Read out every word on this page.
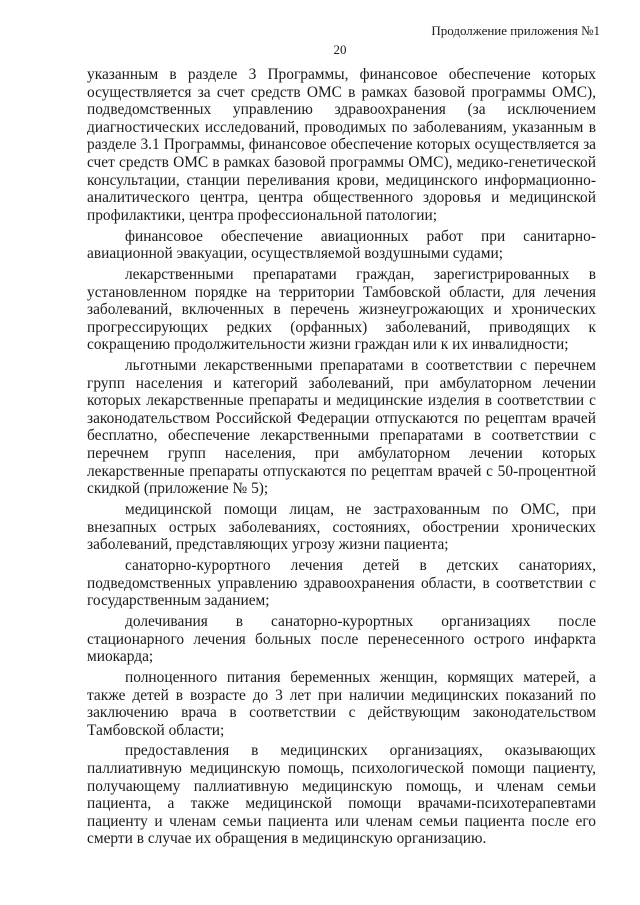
Продолжение приложения №1
20

указанным в разделе 3 Программы, финансовое обеспечение которых осуществляется за счет средств ОМС в рамках базовой программы ОМС), подведомственных управлению здравоохранения (за исключением диагностических исследований, проводимых по заболеваниям, указанным в разделе 3.1 Программы, финансовое обеспечение которых осуществляется за счет средств ОМС в рамках базовой программы ОМС), медико-генетической консультации, станции переливания крови, медицинского информационно-аналитического центра, центра общественного здоровья и медицинской профилактики, центра профессиональной патологии;

финансовое обеспечение авиационных работ при санитарно-авиационной эвакуации, осуществляемой воздушными судами;

лекарственными препаратами граждан, зарегистрированных в установленном порядке на территории Тамбовской области, для лечения заболеваний, включенных в перечень жизнеугрожающих и хронических прогрессирующих редких (орфанных) заболеваний, приводящих к сокращению продолжительности жизни граждан или к их инвалидности;

льготными лекарственными препаратами в соответствии с перечнем групп населения и категорий заболеваний, при амбулаторном лечении которых лекарственные препараты и медицинские изделия в соответствии с законодательством Российской Федерации отпускаются по рецептам врачей бесплатно, обеспечение лекарственными препаратами в соответствии с перечнем групп населения, при амбулаторном лечении которых лекарственные препараты отпускаются по рецептам врачей с 50-процентной скидкой (приложение № 5);

медицинской помощи лицам, не застрахованным по ОМС, при внезапных острых заболеваниях, состояниях, обострении хронических заболеваний, представляющих угрозу жизни пациента;

санаторно-курортного лечения детей в детских санаториях, подведомственных управлению здравоохранения области, в соответствии с государственным заданием;

долечивания в санаторно-курортных организациях после стационарного лечения больных после перенесенного острого инфаркта миокарда;

полноценного питания беременных женщин, кормящих матерей, а также детей в возрасте до 3 лет при наличии медицинских показаний по заключению врача в соответствии с действующим законодательством Тамбовской области;

предоставления в медицинских организациях, оказывающих паллиативную медицинскую помощь, психологической помощи пациенту, получающему паллиативную медицинскую помощь, и членам семьи пациента, а также медицинской помощи врачами-психотерапевтами пациенту и членам семьи пациента или членам семьи пациента после его смерти в случае их обращения в медицинскую организацию.
